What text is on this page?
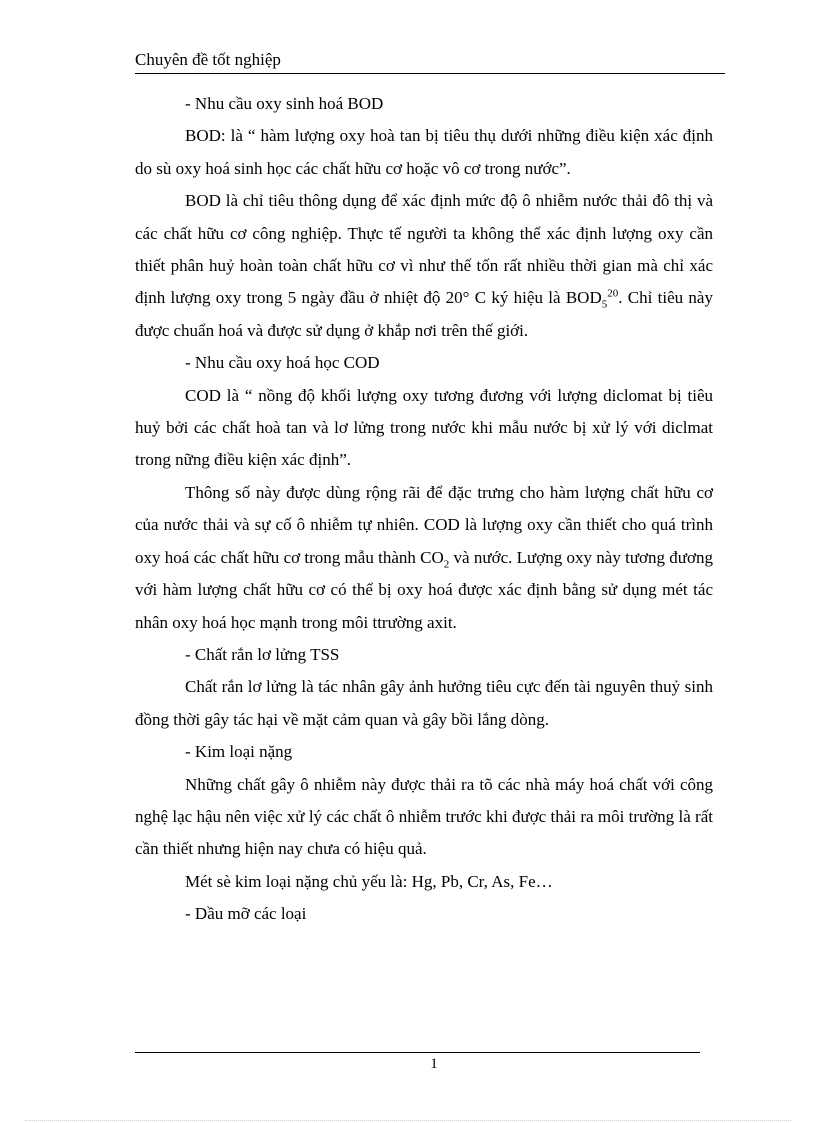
Chuyên đề tốt nghiệp

- Nhu cầu oxy sinh hoá BOD

BOD: là “ hàm lượng oxy hoà tan bị tiêu thụ dưới những điều kiện xác định do sù oxy hoá sinh học các chất hữu cơ hoặc vô cơ trong nước”.

BOD là chỉ tiêu thông dụng để xác định mức độ ô nhiễm nước thải đô thị và các chất hữu cơ công nghiệp. Thực tế người ta không thể xác định lượng oxy cần thiết phân huỷ hoàn toàn chất hữu cơ vì như thế tốn rất nhiều thời gian mà chỉ xác định lượng oxy trong 5 ngày đầu ở nhiệt độ 20° C ký hiệu là $BOD_5^{20}$. Chỉ tiêu này được chuẩn hoá và được sử dụng ở khắp nơi trên thế giới.

- Nhu cầu oxy hoá học COD

COD là “ nồng độ khối lượng oxy tương đương với lượng diclomat bị tiêu huỷ bởi các chất hoà tan và lơ lửng trong nước khi mẫu nước bị xử lý với diclmat trong nững điều kiện xác định”.

Thông số này được dùng rộng rãi để đặc trưng cho hàm lượng chất hữu cơ của nước thải và sự cố ô nhiễm tự nhiên. COD là lượng oxy cần thiết cho quá trình oxy hoá các chất hữu cơ trong mẫu thành $CO_2$ và nước. Lượng oxy này tương đương với hàm lượng chất hữu cơ có thể bị oxy hoá được xác định bằng sử dụng mét tác nhân oxy hoá học mạnh trong môi ttrường axit.

- Chất rắn lơ lửng TSS

Chất rắn lơ lửng là tác nhân gây ảnh hưởng tiêu cực đến tài nguyên thuỷ sinh đồng thời gây tác hại về mặt cảm quan và gây bồi lắng dòng.

- Kim loại nặng

Những chất gây ô nhiễm này được thải ra tõ các nhà máy hoá chất với công nghệ lạc hậu nên việc xử lý các chất ô nhiễm trước khi được thải ra môi trường là rất cần thiết nhưng hiện nay chưa có hiệu quả.

Mét sè kim loại nặng chủ yếu là: Hg, Pb, Cr, As, Fe…

- Dầu mỡ các loại

1
